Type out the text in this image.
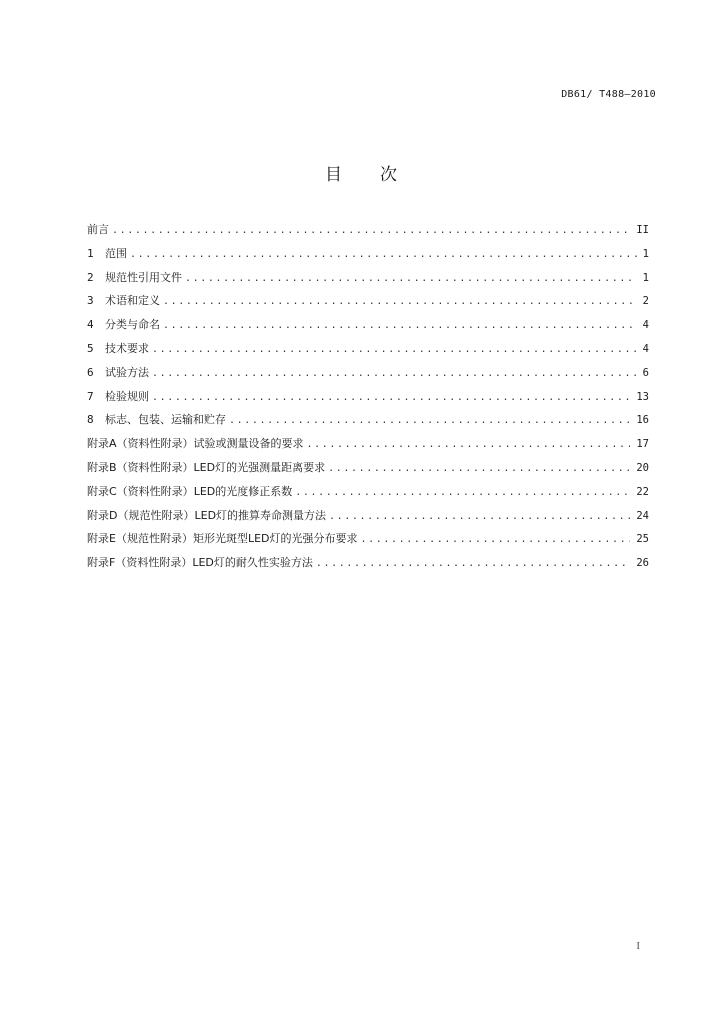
DB61/ T488—2010
目 次
前言 .....	II
1	范围 .....	1
2	规范性引用文件 .....	1
3	术语和定义 .....	2
4	分类与命名 .....	4
5	技术要求 .....	4
6	试验方法 .....	6
7	检验规则 .....	13
8	标志、包装、运输和贮存 .....	16
附录A（资料性附录） 试验或测量设备的要求 .....	17
附录B（资料性附录） LED灯的光强测量距离要求 .....	20
附录C（资料性附录） LED的光度修正系数 .....	22
附录D（规范性附录） LED灯的推算寿命测量方法 .....	24
附录E（规范性附录） 矩形光斑型LED灯的光强分布要求 .....	25
附录F（资料性附录） LED灯的耐久性实验方法 .....	26
I
